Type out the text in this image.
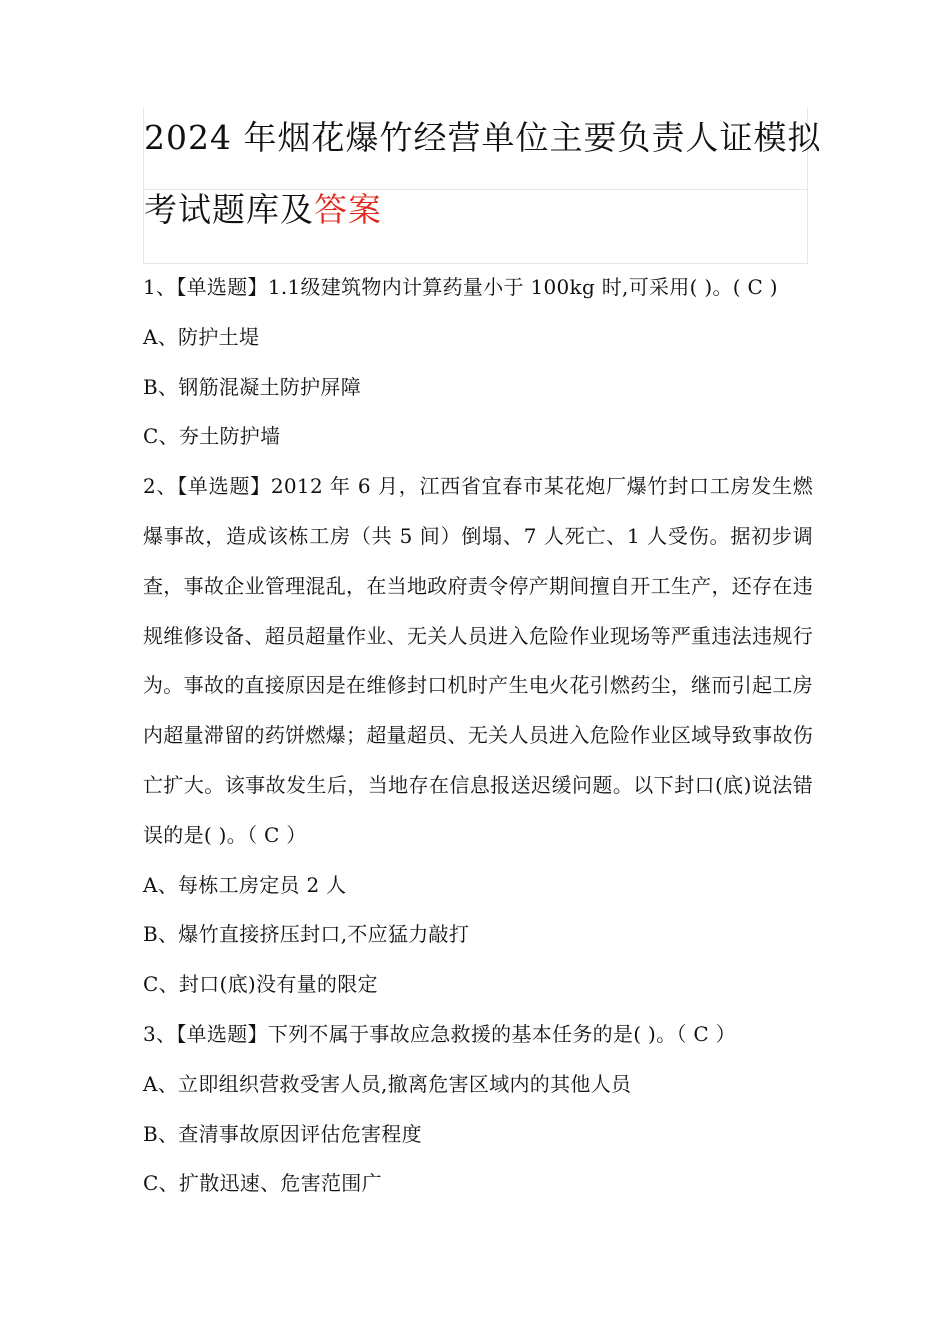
2024 年烟花爆竹经营单位主要负责人证模拟
考试题库及答案
1、【单选题】1.1级建筑物内计算药量小于 100kg 时,可采用( )。( C )
A、防护土堤
B、钢筋混凝土防护屏障
C、夯土防护墙
2、【单选题】2012 年 6 月，江西省宜春市某花炮厂爆竹封口工房发生燃爆事故，造成该栋工房（共 5 间）倒塌、7 人死亡、1 人受伤。据初步调查，事故企业管理混乱，在当地政府责令停产期间擅自开工生产，还存在违规维修设备、超员超量作业、无关人员进入危险作业现场等严重违法违规行为。事故的直接原因是在维修封口机时产生电火花引燃药尘，继而引起工房内超量滞留的药饼燃爆；超量超员、无关人员进入危险作业区域导致事故伤亡扩大。该事故发生后，当地存在信息报送迟缓问题。以下封口(底)说法错误的是( )。（ C ）
A、每栋工房定员 2 人
B、爆竹直接挤压封口,不应猛力敲打
C、封口(底)没有量的限定
3、【单选题】下列不属于事故应急救援的基本任务的是( )。（ C ）
A、立即组织营救受害人员,撤离危害区域内的其他人员
B、查清事故原因评估危害程度
C、扩散迅速、危害范围广
